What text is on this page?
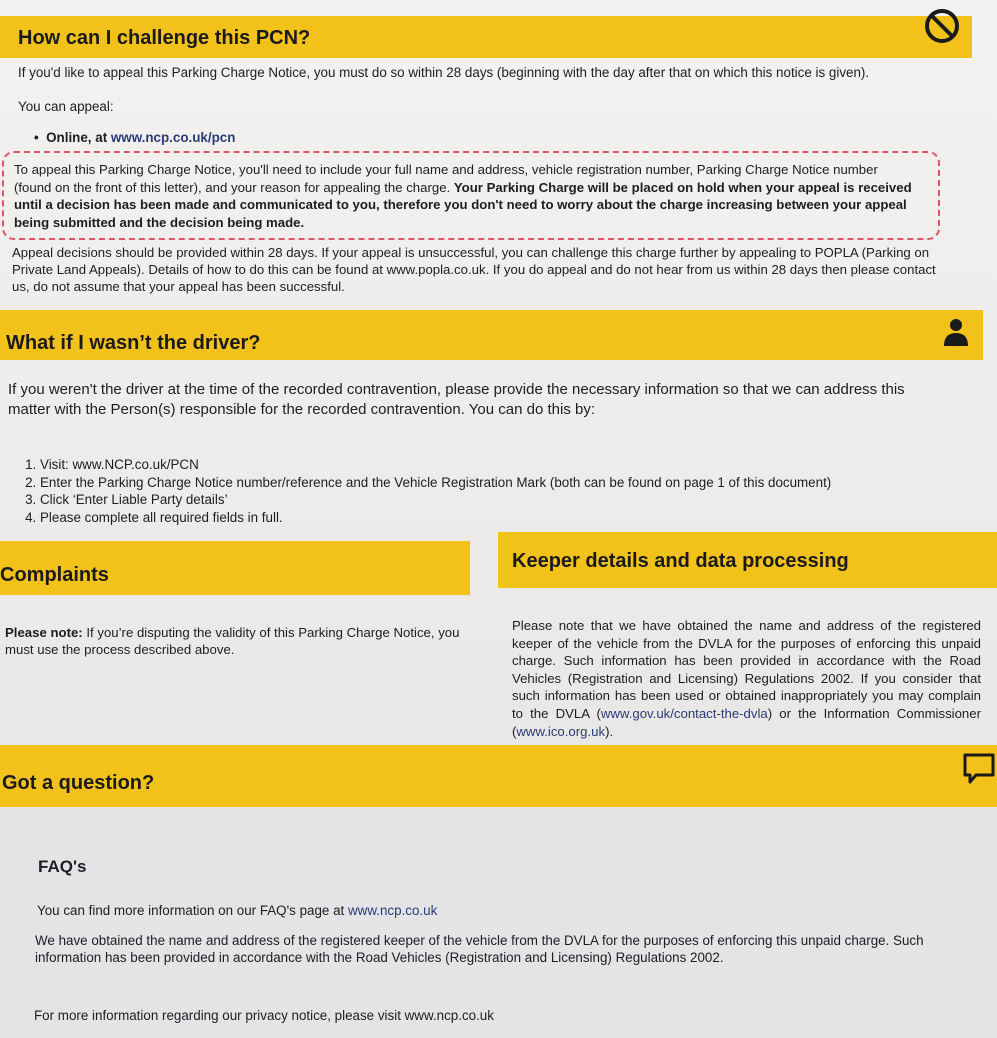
How can I challenge this PCN?

If you'd like to appeal this Parking Charge Notice, you must do so within 28 days (beginning with the day after that on which this notice is given).

You can appeal:

•  Online, at www.ncp.co.uk/pcn

To appeal this Parking Charge Notice, you'll need to include your full name and address, vehicle registration number, Parking Charge Notice number (found on the front of this letter), and your reason for appealing the charge. Your Parking Charge will be placed on hold when your appeal is received until a decision has been made and communicated to you, therefore you don't need to worry about the charge increasing between your appeal being submitted and the decision being made.

Appeal decisions should be provided within 28 days. If your appeal is unsuccessful, you can challenge this charge further by appealing to POPLA (Parking on Private Land Appeals). Details of how to do this can be found at www.popla.co.uk. If you do appeal and do not hear from us within 28 days then please contact us, do not assume that your appeal has been successful.

What if I wasn’t the driver?

If you weren't the driver at the time of the recorded contravention, please provide the necessary information so that we can address this matter with the Person(s) responsible for the recorded contravention. You can do this by:

1. Visit: www.NCP.co.uk/PCN
2. Enter the Parking Charge Notice number/reference and the Vehicle Registration Mark (both can be found on page 1 of this document)
3. Click ‘Enter Liable Party details’
4. Please complete all required fields in full.
Complaints

Please note: If you’re disputing the validity of this Parking Charge Notice, you must use the process described above.

Keeper details and data processing

Please note that we have obtained the name and address of the registered keeper of the vehicle from the DVLA for the purposes of enforcing this unpaid charge. Such information has been provided in accordance with the Road Vehicles (Registration and Licensing) Regulations 2002. If you consider that such information has been used or obtained inappropriately you may complain to the DVLA (www.gov.uk/contact-the-dvla) or the Information Commissioner (www.ico.org.uk).

Got a question?

FAQ's

You can find more information on our FAQ's page at www.ncp.co.uk

We have obtained the name and address of the registered keeper of the vehicle from the DVLA for the purposes of enforcing this unpaid charge. Such information has been provided in accordance with the Road Vehicles (Registration and Licensing) Regulations 2002.

For more information regarding our privacy notice, please visit www.ncp.co.uk
